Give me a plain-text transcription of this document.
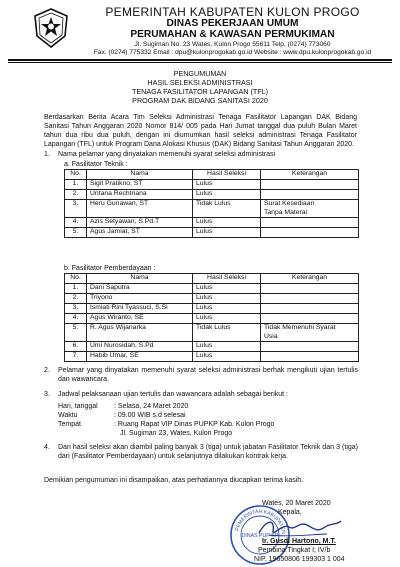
PEMERINTAH KABUPATEN KULON PROGO
DINAS PEKERJAAN UMUM
PERUMAHAN & KAWASAN PERMUKIMAN
Jl. Sugiman No. 23 Wates, Kulon Progo 55611 Telp. (0274) 773060
Fax. (0274) 775332 Email : dpu@kulonprogokab.go.id Website : www.dpu.kulonprogokab.go.id
PENGUMUMAN
HASIL SELEKSI ADMINISTRASI
TENAGA FASILITATOR LAPANGAN (TFL)
PROGRAM DAK BIDANG SANITASI 2020
Berdasarkan Berita Acara Tim Seleksi Administrasi Tenaga Fasilitator Lapangan DAK Bidang Sanitasi Tahun Anggaran 2020 Nomor 814/ 005 pada Hari Jumat tanggal dua puluh Bulan Maret tahun dua ribu dua puluh, dengan ini diumumkan hasil seleksi administrasi Tenaga Fasilitator Lapangan (TFL) untuk Program Dana Alokasi Khusus (DAK) Bidang Sanitasi Tahun Anggaran 2020.
1. Nama pelamar yang dinyatakan memenuhi syarat seleksi administrasi
a. Fasilitator Teknik :
No.	Nama	Hasil Seleksi	Keterangan
1.	Sigit Pratikno, ST	Lulus	
2.	Untana Rechtriana	Lulus	
3.	Heru Gunawan, ST	Tidak Lulus	Surat Kesediaan
Tanpa Materai
4.	Azis Setyawan, S.Pd.T	Lulus	
5.	Agus Jamiat, ST	Lulus	
b. Fasilitator Pemberdayaan :
No.	Nama	Hasil Seleksi	Keterangan
1.	Dani Saputra	Lulus	
2.	Triyono	Lulus	
3.	Ismiati Rini Tyassuci, S.Si	Lulus	
4.	Agus Wiranto, SE	Lulus	
5.	R. Agus Wijanarka	Tidak Lulus	Tidak Memenuhi Syarat
Usia
6.	Umi Nurosidah, S.Pd	Lulus	
7.	Habib Umar, SE	Lulus	
2. Pelamar yang dinyatakan memenuhi syarat seleksi administrasi berhak mengikuti ujian tertulis dan wawancara.
3. Jadwal pelaksanaan ujian tertulis dan wawancara adalah sebagai berikut :
Hari, tanggal : Selasa, 24 Maret 2020
Waktu	: 09.00 WIB s.d selesai
Tempat	: Ruang Rapat VIP Dinas PUPKP Kab. Kulon Progo
Jl. Sugiman 23, Wates, Kulon Progo
4. Dari hasil seleksi akan diambil paling banyak 3 (tiga) untuk jabatan Fasilitator Teknik dan 3 (tiga) dari (Fasilitator Pemberdayaan) untuk selanjutnya dilakukan kontrak kerja.
Demikian pengumuman ini disampaikan, atas perhatiannya diucapkan terima kasih.
PEMERINTAH KABUPATEN
DINAS PUP-KP
Wates, 20 Maret 2020
Kepala,
Ir. Gusdi Hartono, M.T.
Pembina Tingkat I; IV/b
NIP. 19650806 199303 1 004
